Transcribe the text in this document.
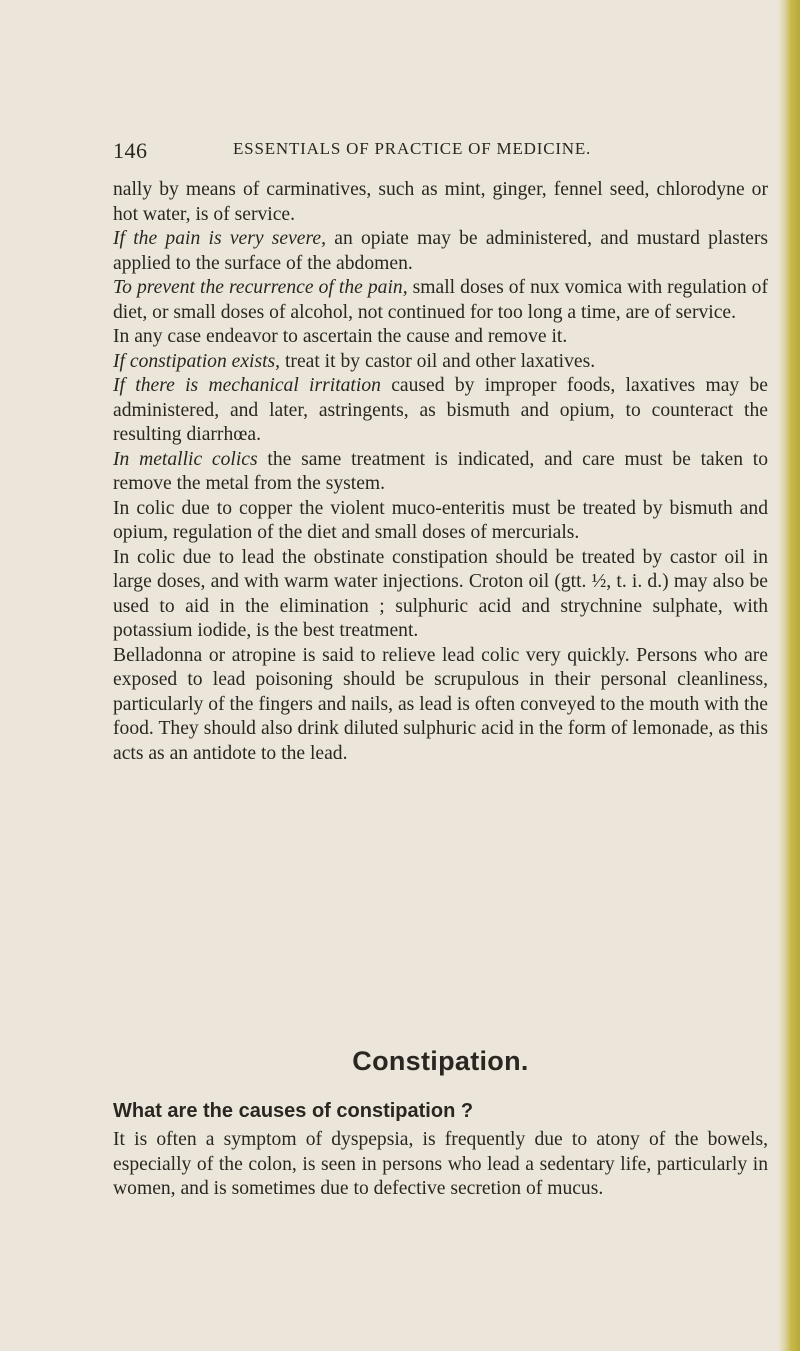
146	ESSENTIALS OF PRACTICE OF MEDICINE.

nally by means of carminatives, such as mint, ginger, fennel seed, chlorodyne or hot water, is of service.

If the pain is very severe, an opiate may be administered, and mustard plasters applied to the surface of the abdomen.

To prevent the recurrence of the pain, small doses of nux vomica with regulation of diet, or small doses of alcohol, not continued for too long a time, are of service.

In any case endeavor to ascertain the cause and remove it.

If constipation exists, treat it by castor oil and other laxatives.

If there is mechanical irritation caused by improper foods, laxatives may be administered, and later, astringents, as bismuth and opium, to counteract the resulting diarrhœa.

In metallic colics the same treatment is indicated, and care must be taken to remove the metal from the system.

In colic due to copper the violent muco-enteritis must be treated by bismuth and opium, regulation of the diet and small doses of mercurials.

In colic due to lead the obstinate constipation should be treated by castor oil in large doses, and with warm water injections. Croton oil (gtt. ½, t. i. d.) may also be used to aid in the elimination ; sulphuric acid and strychnine sulphate, with potassium iodide, is the best treatment.

Belladonna or atropine is said to relieve lead colic very quickly. Persons who are exposed to lead poisoning should be scrupulous in their personal cleanliness, particularly of the fingers and nails, as lead is often conveyed to the mouth with the food. They should also drink diluted sulphuric acid in the form of lemonade, as this acts as an antidote to the lead.

Constipation.
What are the causes of constipation ?
It is often a symptom of dyspepsia, is frequently due to atony of the bowels, especially of the colon, is seen in persons who lead a sedentary life, particularly in women, and is sometimes due to defective secretion of mucus.
